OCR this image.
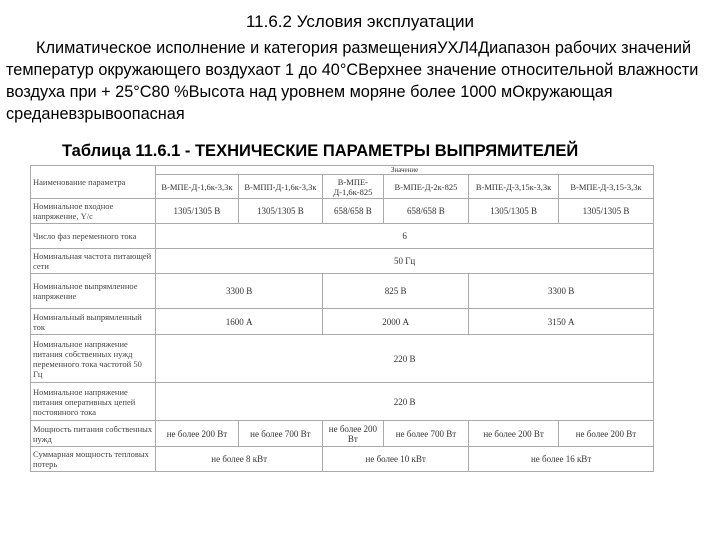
11.6.2 Условия эксплуатации

Климатическое исполнение и категория размещенияУХЛ4Диапазон рабочих значений температур окружающего воздухаот 1 до 40°СВерхнее значение относительной влажности воздуха при + 25°С80 %Высота над уровнем моряне более 1000 мОкружающая среданевзрывоопасная

Таблица 11.6.1 - ТЕХНИЧЕСКИЕ ПАРАМЕТРЫ ВЫПРЯМИТЕЛЕЙ
Наименование параметра	Значение					
	В-МПЕ-Д-1,6к-3,3к	В-МПП-Д-1,6к-3,3к	В-МПЕ-Д-1,6к-825	В-МПЕ-Д-2к-825	В-МПЕ-Д-3,15к-3,3к	В-МПЕ-Д-3,15-3,3к
Номинальное входное напряжение, Y/с	1305/1305 В	1305/1305 В	658/658 В	658/658 В	1305/1305 В	1305/1305 В
Число фаз переменного тока	6					
Номинальная частота питающей сети	50 Гц					
Номинальное выпрямленное напряжение	3300 В		825 В		3300 В	
Номинальный выпрямленный ток	1600 А		2000 А		3150 А	
Номинальное напряжение питания собственных нужд переменного тока частотой 50 Гц	220 В					
Номинальное напряжение питания оперативных цепей постоянного тока	220 В					
Мощность питания собственных нужд	не более 200 Вт	не более 700 Вт	не более 200 Вт	не более 700 Вт	не более 200 Вт	не более 200 Вт
Суммарная мощность тепловых потерь	не более 8 кВт		не более 10 кВт		не более 16 кВт	
